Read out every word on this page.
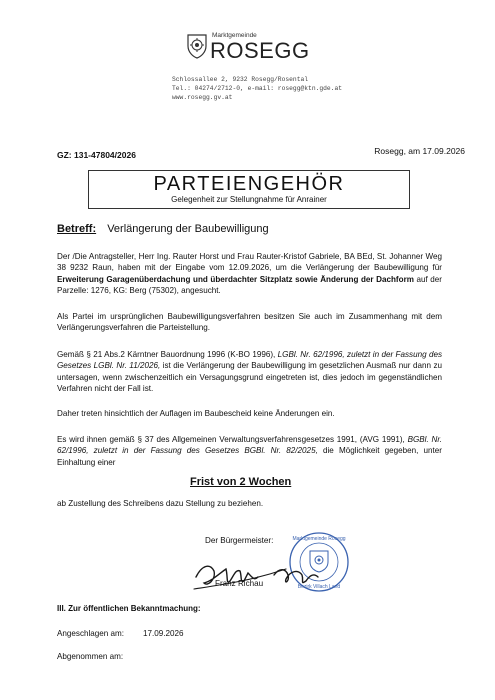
Marktgemeinde
ROSEGG
Schlossallee 2, 9232 Rosegg/Rosental
Tel.: 04274/2712-0, e-mail: rosegg@ktn.gde.at
www.rosegg.gv.at
Rosegg, am 17.09.2026
GZ: 131-47804/2026
PARTEIENGEHÖR
Gelegenheit zur Stellungnahme für Anrainer
Betreff: Verlängerung der Baubewilligung
Der /Die Antragsteller, Herr Ing. Rauter Horst und Frau Rauter-Kristof Gabriele, BA BEd, St. Johanner Weg 38 9232 Raun, haben mit der Eingabe vom 12.09.2026, um die Verlängerung der Baubewilligung für Erweiterung Garagenüberdachung und überdachter Sitzplatz sowie Änderung der Dachform auf der Parzelle: 1276, KG: Berg (75302), angesucht.
Als Partei im ursprünglichen Baubewilligungsverfahren besitzen Sie auch im Zusammenhang mit dem Verlängerungsverfahren die Parteistellung.
Gemäß § 21 Abs.2 Kärntner Bauordnung 1996 (K-BO 1996), LGBl. Nr. 62/1996, zuletzt in der Fassung des Gesetzes LGBl. Nr. 11/2026, ist die Verlängerung der Baubewilligung im gesetzlichen Ausmaß nur dann zu untersagen, wenn zwischenzeitlich ein Versagungsgrund eingetreten ist, dies jedoch im gegenständlichen Verfahren nicht der Fall ist.
Daher treten hinsichtlich der Auflagen im Baubescheid keine Änderungen ein.
Es wird ihnen gemäß § 37 des Allgemeinen Verwaltungsverfahrensgesetzes 1991, (AVG 1991), BGBl. Nr. 62/1996, zuletzt in der Fassung des Gesetzes BGBl. Nr. 82/2025, die Möglichkeit gegeben, unter Einhaltung einer
Frist von 2 Wochen
ab Zustellung des Schreibens dazu Stellung zu beziehen.
Der Bürgermeister:	Marktgemeinde Rosegg
Bezirk Villach Land
Franz Richau
III. Zur öffentlichen Bekanntmachung:
Angeschlagen am: 17.09.2026
Abgenommen am:
